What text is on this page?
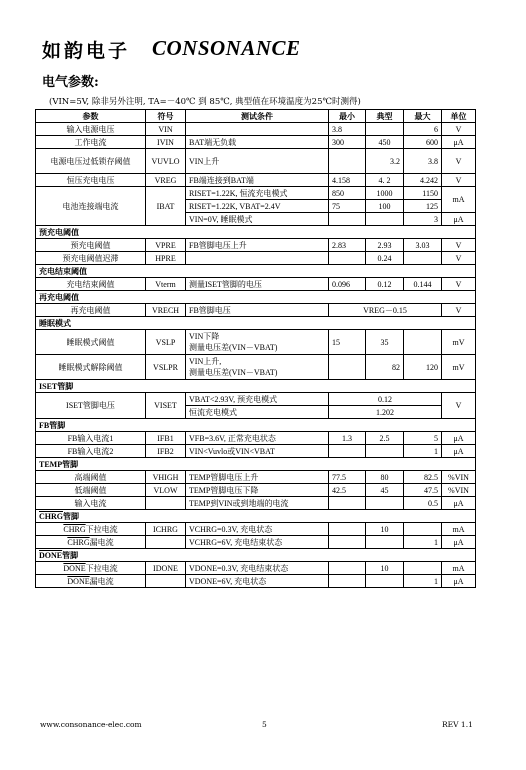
如韵电子 CONSONANCE
电气参数:
(VIN=5V, 除非另外注明, TA=－40℃ 到 85℃, 典型值在环境温度为25℃时测得)
参数	符号	测试条件	最小	典型	最大	单位
输入电源电压	VIN		3.8		6	V
工作电流	IVIN	BAT端无负载	300	450	600	μA
电源电压过低锁存阈值	VUVLO	VIN上升		3.2	3.8	V
恒压充电电压	VREG	FB端连接到BAT端	4.158	4. 2	4.242	V
电池连接端电流	IBAT	RISET=1.22K, 恒流充电模式	850	1000	1150	mA
		RISET=1.22K, VBAT=2.4V	75	100	125	
		VIN=0V, 睡眠模式			3	μA
预充电阈值						
预充电阈值	VPRE	FB管脚电压上升	2.83	2.93	3.03	V
预充电阈值迟滞	HPRE			0.24		V
充电结束阈值						
充电结束阈值	Vterm	测量ISET管脚的电压	0.096	0.12	0.144	V
再充电阈值						
再充电阈值	VRECH	FB管脚电压	VREG－0.15			V
睡眠模式						
睡眠模式阈值	VSLP	VIN下降
测量电压差(VIN－VBAT)	15	35		mV
睡眠模式解除阈值	VSLPR	VIN上升,
测量电压差(VIN－VBAT)		82	120	mV
ISET管脚						
ISET管脚电压	VISET	VBAT<2.93V, 预充电模式	0.12			V
		恒流充电模式	1.202			
FB管脚						
FB输入电流1	IFB1	VFB=3.6V, 正常充电状态	1.3	2.5	5	μA
FB输入电流2	IFB2	VIN<Vuvlo或VIN<VBAT			1	μA
TEMP管脚						
高端阈值	VHIGH	TEMP管脚电压上升	77.5	80	82.5	%VIN
低端阈值	VLOW	TEMP管脚电压下降	42.5	45	47.5	%VIN
输入电流		TEMP到VIN或到地端的电流			0.5	μA
CHRG管脚						
CHRG下拉电流	ICHRG	VCHRG=0.3V, 充电状态		10		mA
CHRG漏电流		VCHRG=6V, 充电结束状态			1	μA
DONE管脚						
DONE下拉电流	IDONE	VDONE=0.3V, 充电结束状态		10		mA
DONE漏电流		VDONE=6V, 充电状态			1	μA
www.consonance-elec.com	5	REV 1.1
